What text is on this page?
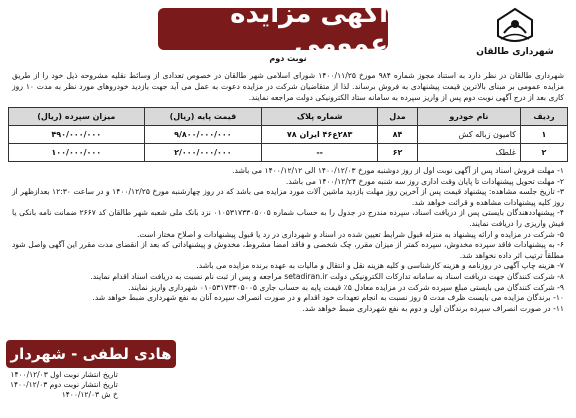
شهرداری طالقان
آگهی مزایده عمومی
نوبت دوم
شهرداری طالقان در نظر دارد به استناد مجوز شماره ۹۸۴ مورخ ۱۴۰۰/۱۱/۲۵ شورای اسلامی شهر طالقان در خصوص تعدادی از وسائط نقلیه مشروحه ذیل خود را از طریق مزایده عمومی بر مبنای بالاترین قیمت پیشنهادی به فروش برساند. لذا از متقاضیان شرکت در مزایده دعوت به عمل می آید جهت بازدید خودروهای مورد نظر به مدت ۱۰ روز کاری بعد از درج آگهی نوبت دوم پس از واریز سپرده به سامانه ستاد الکترونیکی دولت مراجعه نمایند.
ردیف	نام خودرو	مدل	شماره پلاک	قیمت پایه (ریال)	میزان سپرده (ریال)
۱	کامیون زباله کش	۸۴	۲۸۳ع۴۶ ایران ۷۸	۹/۸۰۰/۰۰۰/۰۰۰	۴۹۰/۰۰۰/۰۰۰
۲	غلطک	۶۲	--	۲/۰۰۰/۰۰۰/۰۰۰	۱۰۰/۰۰۰/۰۰۰
۱- مهلت فروش اسناد پس از آگهی نوبت اول از روز دوشنبه مورخ ۱۴۰۰/۱۲/۰۳ الی ۱۴۰۰/۱۲/۱۲ می باشد.
۲- مهلت تحویل پیشنهادات تا پایان وقت اداری روز سه شنبه مورخ ۱۴۰۰/۱۲/۲۴ می باشد.
۳- تاریخ جلسه مشاهده: پیشنهاد قیمت پس از آخرین روز مهلت بازدید ماشین آلات مورد مزایده می باشد که در روز چهارشنبه مورخ ۱۴۰۰/۱۲/۲۵ و در ساعت ۱۲:۳۰ بعدازظهر از روز کلیه پیشنهادات مشاهده و قرائت خواهد شد.
۴- پیشنهاددهندگان بایستی پس از دریافت اسناد، سپرده مندرج در جدول را به حساب شماره ۰۱۰۵۳۱۷۳۳۰۵۰۰۵ نزد بانک ملی شعبه شهر طالقان کد ۲۶۶۷ ضمانت نامه بانکی یا فیش واریزی را دریافت نمایند.
۵- شرکت در مزایده و ارائه پیشنهاد به منزله قبول شرایط تعیین شده در اسناد و شهرداری در رد یا قبول پیشنهادات و اصلاح مختار است.
۶- به پیشنهادات فاقد سپرده مخدوش، سپرده کمتر از میزان مقرر، چک شخصی و فاقد امضا مشروط، مخدوش و پیشنهاداتی که بعد از انقضای مدت مقرر این آگهی واصل شود مطلقاً ترتیب اثر داده نخواهد شد.
۷- هزینه چاپ آگهی در روزنامه و هزینه کارشناسی و کلیه هزینه نقل و انتقال و مالیات به عهده برنده مزایده می باشد.
۸- شرکت کنندگان جهت دریافت اسناد به سامانه تدارکات الکترونیکی دولت setadiran.ir مراجعه و پس از ثبت نام نسبت به دریافت اسناد اقدام نمایند.
۹- شرکت کنندگان می بایستی مبلغ سپرده شرکت در مزایده معادل ۵٪ قیمت پایه به حساب جاری ۰۱۰۵۳۱۷۳۳۰۵۰۰۵ شهرداری واریز نمایند.
۱۰- برندگان مزایده می بایست ظرف مدت ۵ روز نسبت به انجام تعهدات خود اقدام و در صورت انصراف سپرده آنان به نفع شهرداری ضبط خواهد شد.
۱۱- در صورت انصراف سپرده برندگان اول و دوم به نفع شهرداری ضبط خواهد شد.
هادی لطفی - شهردار
تاریخ انتشار نوبت اول ۱۴۰۰/۱۲/۰۳
تاریخ انتشار نوبت دوم ۱۴۰۰/۱۲/۰۳
خ ش ۱۴۰۰/۱۲/۰۳
